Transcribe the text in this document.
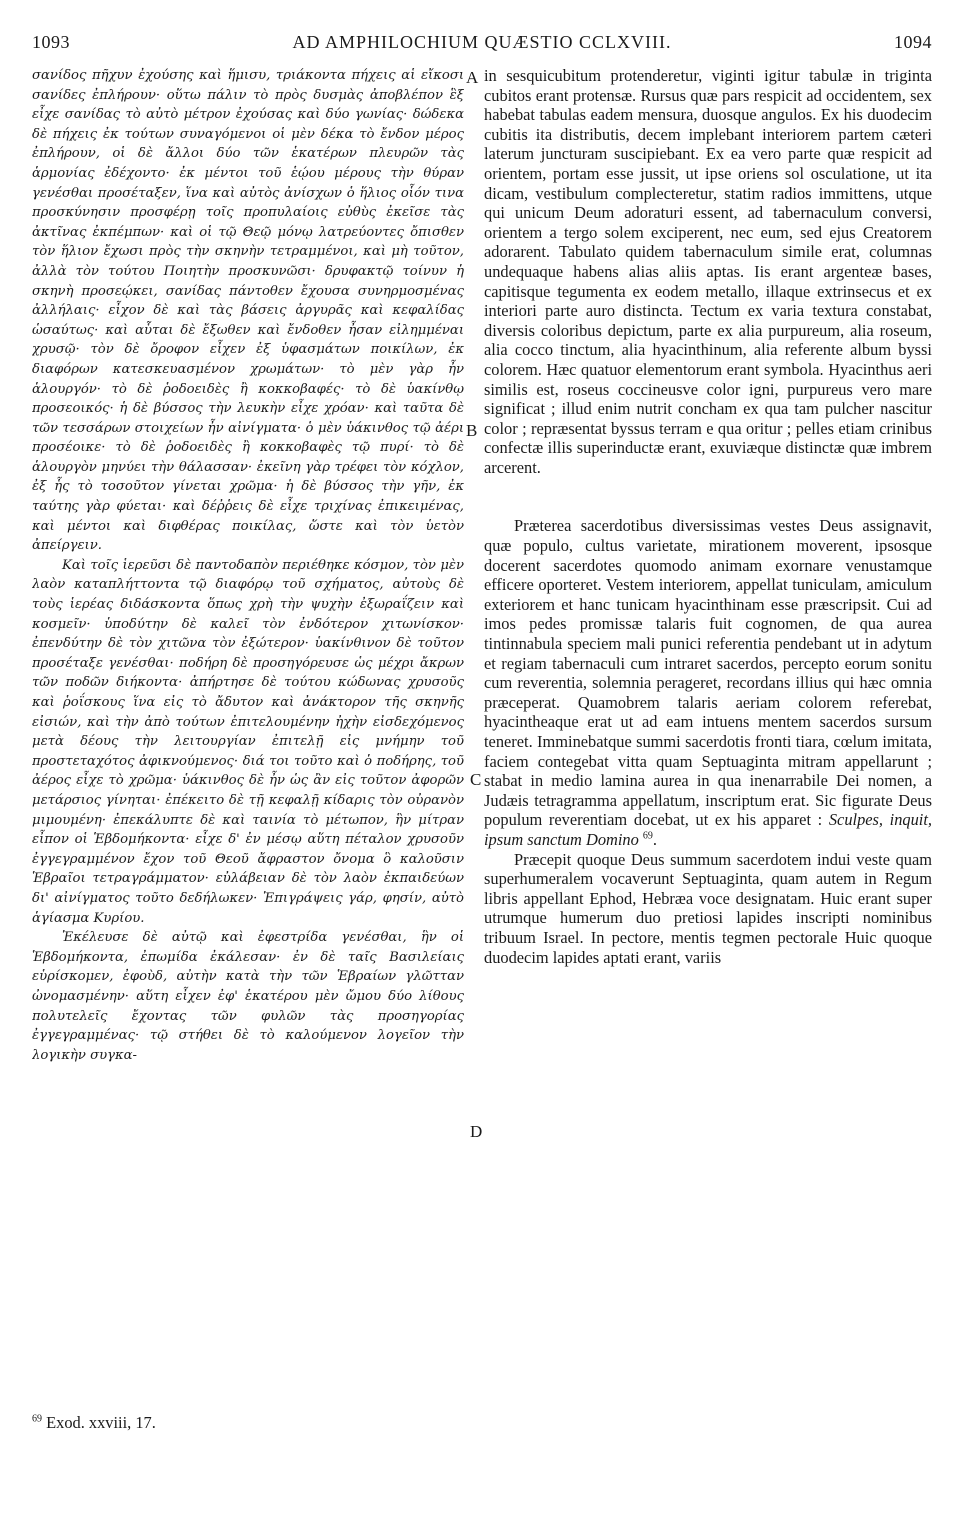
1093	AD AMPHILOCHIUM QUÆSTIO CCLXVIII.	1094

σανίδος πῆχυν ἐχούσης καὶ ἥμισυ, τριάκοντα πήχεις αἱ εἴκοσι σανίδες ἐπλήρουν· οὕτω πάλιν τὸ πρὸς δυσμὰς ἀποβλέπον ἓξ εἶχε σανίδας τὸ αὐτὸ μέτρον ἐχούσας καὶ δύο γωνίας· δώδεκα δὲ πήχεις ἐκ τούτων συναγόμενοι οἱ μὲν δέκα τὸ ἔνδον μέρος ἐπλήρουν, οἱ δὲ ἄλλοι δύο τῶν ἑκατέρων πλευρῶν τὰς ἁρμονίας ἐδέχοντο· ἐκ μέντοι τοῦ ἑῴου μέρους τὴν θύραν γενέσθαι προσέταξεν, ἵνα καὶ αὐτὸς ἀνίσχων ὁ ἥλιος οἷόν τινα προσκύνησιν προσφέρῃ τοῖς προπυλαίοις εὐθὺς ἐκεῖσε τὰς ἀκτῖνας ἐκπέμπων· καὶ οἱ τῷ Θεῷ μόνῳ λατρεύοντες ὄπισθεν τὸν ἥλιον ἔχωσι πρὸς τὴν σκηνὴν τετραμμένοι, καὶ μὴ τοῦτον, ἀλλὰ τὸν τούτου Ποιητὴν προσκυνῶσι· δρυφακτῷ τοίνυν ἡ σκηνὴ προσεῴκει, σανίδας πάντοθεν ἔχουσα συνηρμοσμένας ἀλλήλαις· εἶχον δὲ καὶ τὰς βάσεις ἀργυρᾶς καὶ κεφαλίδας ὡσαύτως· καὶ αὗται δὲ ἔξωθεν καὶ ἔνδοθεν ἦσαν εἰλημμέναι χρυσῷ· τὸν δὲ ὄροφον εἶχεν ἐξ ὑφασμάτων ποικίλων, ἐκ διαφόρων κατεσκευασμένον χρωμάτων· τὸ μὲν γὰρ ἦν ἁλουργόν· τὸ δὲ ῥοδοειδὲς ἢ κοκκοβαφές· τὸ δὲ ὑακίνθῳ προσεοικός· ἡ δὲ βύσσος τὴν λευκὴν εἶχε χρόαν· καὶ ταῦτα δὲ τῶν τεσσάρων στοιχείων ἦν αἰνίγματα· ὁ μὲν ὑάκινθος τῷ ἀέρι προσέοικε· τὸ δὲ ῥοδοειδὲς ἢ κοκκοβαφὲς τῷ πυρί· τὸ δὲ ἁλουργὸν μηνύει τὴν θάλασσαν· ἐκεῖνη γὰρ τρέφει τὸν κόχλον, ἐξ ἧς τὸ τοσοῦτον γίνεται χρῶμα· ἡ δὲ βύσσος τὴν γῆν, ἐκ ταύτης γὰρ φύεται· καὶ δέῤῥεις δὲ εἶχε τριχίνας ἐπικειμένας, καὶ μέντοι καὶ διφθέρας ποικίλας, ὥστε καὶ τὸν ὑετὸν ἀπείργειν.

Καὶ τοῖς ἱερεῦσι δὲ παντοδαπὸν περιέθηκε κόσμον, τὸν μὲν λαὸν καταπλήττοντα τῷ διαφόρῳ τοῦ σχήματος, αὐτοὺς δὲ τοὺς ἱερέας διδάσκοντα ὅπως χρὴ τὴν ψυχὴν ἐξωραΐζειν καὶ κοσμεῖν· ὑποδύτην δὲ καλεῖ τὸν ἐνδότερον χιτωνίσκον· ἐπενδύτην δὲ τὸν χιτῶνα τὸν ἐξώτερον· ὑακίνθινον δὲ τοῦτον προσέταξε γενέσθαι· ποδήρη δὲ προσηγόρευσε ὡς μέχρι ἄκρων τῶν ποδῶν διήκοντα· ἀπήρτησε δὲ τούτου κώδωνας χρυσοῦς καὶ ῥοΐσκους ἵνα εἰς τὸ ἄδυτον καὶ ἀνάκτορον τῆς σκηνῆς εἰσιών, καὶ τὴν ἀπὸ τούτων ἐπιτελουμένην ἠχὴν εἰσδεχόμενος μετὰ δέους τὴν λειτουργίαν ἐπιτελῇ εἰς μνήμην τοῦ προστεταχότος ἀφικνούμενος· διά τοι τοῦτο καὶ ὁ ποδήρης, τοῦ ἀέρος εἶχε τὸ χρῶμα· ὑάκινθος δὲ ἦν ὡς ἂν εἰς τοῦτον ἀφορῶν μετάρσιος γίνηται· ἐπέκειτο δὲ τῇ κεφαλῇ κίδαρις τὸν οὐρανὸν μιμουμένη· ἐπεκάλυπτε δὲ καὶ ταινία τὸ μέτωπον, ἣν μίτραν εἶπον οἱ Ἑβδομήκοντα· εἶχε δ' ἐν μέσῳ αὕτη πέταλον χρυσοῦν ἐγγεγραμμένον ἔχον τοῦ Θεοῦ ἄφραστον ὄνομα ὃ καλοῦσιν Ἑβραῖοι τετραγράμματον· εὐλάβειαν δὲ τὸν λαὸν ἐκπαιδεύων δι' αἰνίγματος τοῦτο δεδήλωκεν· Ἐπιγράψεις γάρ, φησίν, αὐτὸ ἁγίασμα Κυρίου.

Ἐκέλευσε δὲ αὐτῷ καὶ ἐφεστρίδα γενέσθαι, ἣν οἱ Ἑβδομήκοντα, ἐπωμίδα ἐκάλεσαν· ἐν δὲ ταῖς Βασιλείαις εὑρίσκομεν, ἐφοὺδ, αὐτὴν κατὰ τὴν τῶν Ἑβραίων γλῶτταν ὠνομασμένην· αὕτη εἶχεν ἐφ' ἑκατέρου μὲν ὤμου δύο λίθους πολυτελεῖς ἔχοντας τῶν φυλῶν τὰς προσηγορίας ἐγγεγραμμένας· τῷ στήθει δὲ τὸ καλούμενον λογεῖον τὴν λογικὴν συγκα-

in sesquicubitum protenderetur, viginti igitur tabulæ in triginta cubitos erant protensæ. Rursus quæ pars respicit ad occidentem, sex habebat tabulas eadem mensura, duosque angulos. Ex his duodecim cubitis ita distributis, decem implebant interiorem partem cæteri laterum juncturam suscipiebant. Ex ea vero parte quæ respicit ad orientem, portam esse jussit, ut ipse oriens sol osculatione, ut ita dicam, vestibulum complecteretur, statim radios immittens, utque qui unicum Deum adoraturi essent, ad tabernaculum conversi, orientem a tergo solem exciperent, nec eum, sed ejus Creatorem adorarent. Tabulato quidem tabernaculum simile erat, columnas undequaque habens alias aliis aptas. Iis erant argenteæ bases, capitisque tegumenta ex eodem metallo, illaque extrinsecus et ex interiori parte auro distincta. Tectum ex varia textura constabat, diversis coloribus depictum, parte ex alia purpureum, alia roseum, alia cocco tinctum, alia hyacinthinum, alia referente album byssi colorem. Hæc quatuor elementorum erant symbola. Hyacinthus aeri similis est, roseus coccineusve color igni, purpureus vero mare significat ; illud enim nutrit concham ex qua tam pulcher nascitur color ; repræsentat byssus terram e qua oritur ; pelles etiam crinibus confectæ illis superinductæ erant, exuviæque distinctæ quæ imbrem arcerent.

Præterea sacerdotibus diversissimas vestes Deus assignavit, quæ populo, cultus varietate, mirationem moverent, ipsosque docerent sacerdotes quomodo animam exornare venustamque efficere oporteret. Vestem interiorem, appellat tuniculam, amiculum exteriorem et hanc tunicam hyacinthinam esse præscripsit. Cui ad imos pedes promissæ talaris fuit cognomen, de qua aurea tintinnabula speciem mali punici referentia pendebant ut in adytum et regiam tabernaculi cum intraret sacerdos, percepto eorum sonitu cum reverentia, solemnia perageret, recordans illius qui hæc omnia præceperat. Quamobrem talaris aeriam colorem referebat, hyacintheaque erat ut ad eam intuens mentem sacerdos sursum teneret. Imminebatque summi sacerdotis fronti tiara, cœlum imitata, faciem contegebat vitta quam Septuaginta mitram appellarunt ; stabat in medio lamina aurea in qua inenarrabile Dei nomen, a Judæis tetragramma appellatum, inscriptum erat. Sic figurate Deus populum reverentiam docebat, ut ex his apparet : Sculpes, inquit, ipsum sanctum Domino $^{69}$.

Præcepit quoque Deus summum sacerdotem indui veste quam superhumeralem vocaverunt Septuaginta, quam autem in Regum libris appellant Ephod, Hebræa voce designatam. Huic erant super utrumque humerum duo pretiosi lapides inscripti nominibus tribuum Israel. In pectore, mentis tegmen pectorale Huic quoque duodecim lapides aptati erant, variis

A
B
C
D
$^{69}$ Exod. xxviii, 17.
